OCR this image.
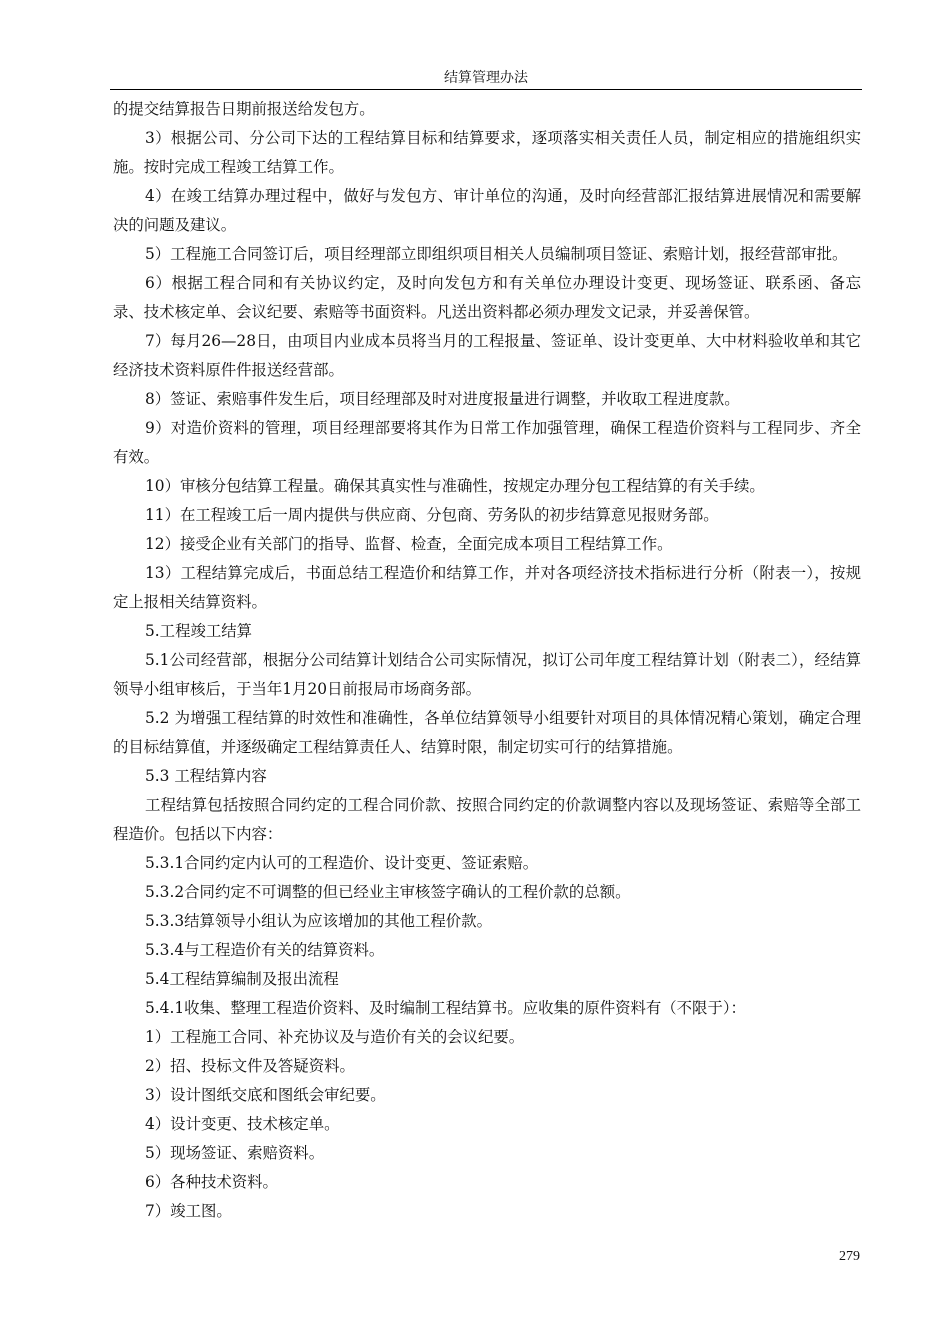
结算管理办法

的提交结算报告日期前报送给发包方。

3）根据公司、分公司下达的工程结算目标和结算要求，逐项落实相关责任人员，制定相应的措施组织实施。按时完成工程竣工结算工作。

4）在竣工结算办理过程中，做好与发包方、审计单位的沟通，及时向经营部汇报结算进展情况和需要解决的问题及建议。

5）工程施工合同签订后，项目经理部立即组织项目相关人员编制项目签证、索赔计划，报经营部审批。

6）根据工程合同和有关协议约定，及时向发包方和有关单位办理设计变更、现场签证、联系函、备忘录、技术核定单、会议纪要、索赔等书面资料。凡送出资料都必须办理发文记录，并妥善保管。

7）每月26—28日，由项目内业成本员将当月的工程报量、签证单、设计变更单、大中材料验收单和其它经济技术资料原件件报送经营部。

8）签证、索赔事件发生后，项目经理部及时对进度报量进行调整，并收取工程进度款。

9）对造价资料的管理，项目经理部要将其作为日常工作加强管理，确保工程造价资料与工程同步、齐全有效。

10）审核分包结算工程量。确保其真实性与准确性，按规定办理分包工程结算的有关手续。

11）在工程竣工后一周内提供与供应商、分包商、劳务队的初步结算意见报财务部。

12）接受企业有关部门的指导、监督、检查，全面完成本项目工程结算工作。

13）工程结算完成后，书面总结工程造价和结算工作，并对各项经济技术指标进行分析（附表一），按规定上报相关结算资料。

5.工程竣工结算

5.1公司经营部，根据分公司结算计划结合公司实际情况，拟订公司年度工程结算计划（附表二），经结算领导小组审核后，于当年1月20日前报局市场商务部。

5.2 为增强工程结算的时效性和准确性，各单位结算领导小组要针对项目的具体情况精心策划，确定合理的目标结算值，并逐级确定工程结算责任人、结算时限，制定切实可行的结算措施。

5.3 工程结算内容

工程结算包括按照合同约定的工程合同价款、按照合同约定的价款调整内容以及现场签证、索赔等全部工程造价。包括以下内容：

5.3.1合同约定内认可的工程造价、设计变更、签证索赔。

5.3.2合同约定不可调整的但已经业主审核签字确认的工程价款的总额。

5.3.3结算领导小组认为应该增加的其他工程价款。

5.3.4与工程造价有关的结算资料。

5.4工程结算编制及报出流程

5.4.1收集、整理工程造价资料、及时编制工程结算书。应收集的原件资料有（不限于）：

1）工程施工合同、补充协议及与造价有关的会议纪要。

2）招、投标文件及答疑资料。

3）设计图纸交底和图纸会审纪要。

4）设计变更、技术核定单。

5）现场签证、索赔资料。

6）各种技术资料。

7）竣工图。

279
